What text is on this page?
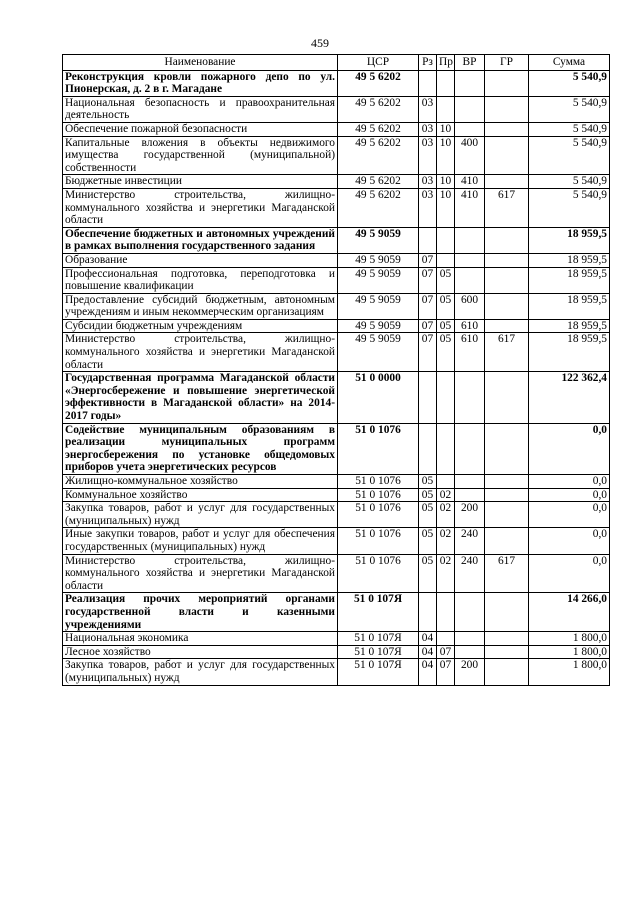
459
Наименование	ЦСР	Рз	Пр	ВР	ГР	Сумма
Реконструкция кровли пожарного депо по ул. Пионерская, д. 2 в г. Магадане	49 5 6202					5 540,9
Национальная безопасность и правоохранительная деятельность	49 5 6202	03				5 540,9
Обеспечение пожарной безопасности	49 5 6202	03	10			5 540,9
Капитальные вложения в объекты недвижимого имущества государственной (муниципальной) собственности	49 5 6202	03	10	400		5 540,9
Бюджетные инвестиции	49 5 6202	03	10	410		5 540,9
Министерство строительства, жилищно-коммунального хозяйства и энергетики Магаданской области	49 5 6202	03	10	410	617	5 540,9
Обеспечение бюджетных и автономных учреждений в рамках выполнения государственного задания	49 5 9059					18 959,5
Образование	49 5 9059	07				18 959,5
Профессиональная подготовка, переподготовка и повышение квалификации	49 5 9059	07	05			18 959,5
Предоставление субсидий бюджетным, автономным учреждениям и иным некоммерческим организациям	49 5 9059	07	05	600		18 959,5
Субсидии бюджетным учреждениям	49 5 9059	07	05	610		18 959,5
Министерство строительства, жилищно-коммунального хозяйства и энергетики Магаданской области	49 5 9059	07	05	610	617	18 959,5
Государственная программа Магаданской области «Энергосбережение и повышение энергетической эффективности в Магаданской области» на 2014-2017 годы»	51 0 0000					122 362,4
Содействие муниципальным образованиям в реализации муниципальных программ энергосбережения по установке общедомовых приборов учета энергетических ресурсов	51 0 1076					0,0
Жилищно-коммунальное хозяйство	51 0 1076	05				0,0
Коммунальное хозяйство	51 0 1076	05	02			0,0
Закупка товаров, работ и услуг для государственных (муниципальных) нужд	51 0 1076	05	02	200		0,0
Иные закупки товаров, работ и услуг для обеспечения государственных (муниципальных) нужд	51 0 1076	05	02	240		0,0
Министерство строительства, жилищно-коммунального хозяйства и энергетики Магаданской области	51 0 1076	05	02	240	617	0,0
Реализация прочих мероприятий органами государственной власти и казенными учреждениями	51 0 107Я					14 266,0
Национальная экономика	51 0 107Я	04				1 800,0
Лесное хозяйство	51 0 107Я	04	07			1 800,0
Закупка товаров, работ и услуг для государственных (муниципальных) нужд	51 0 107Я	04	07	200		1 800,0
